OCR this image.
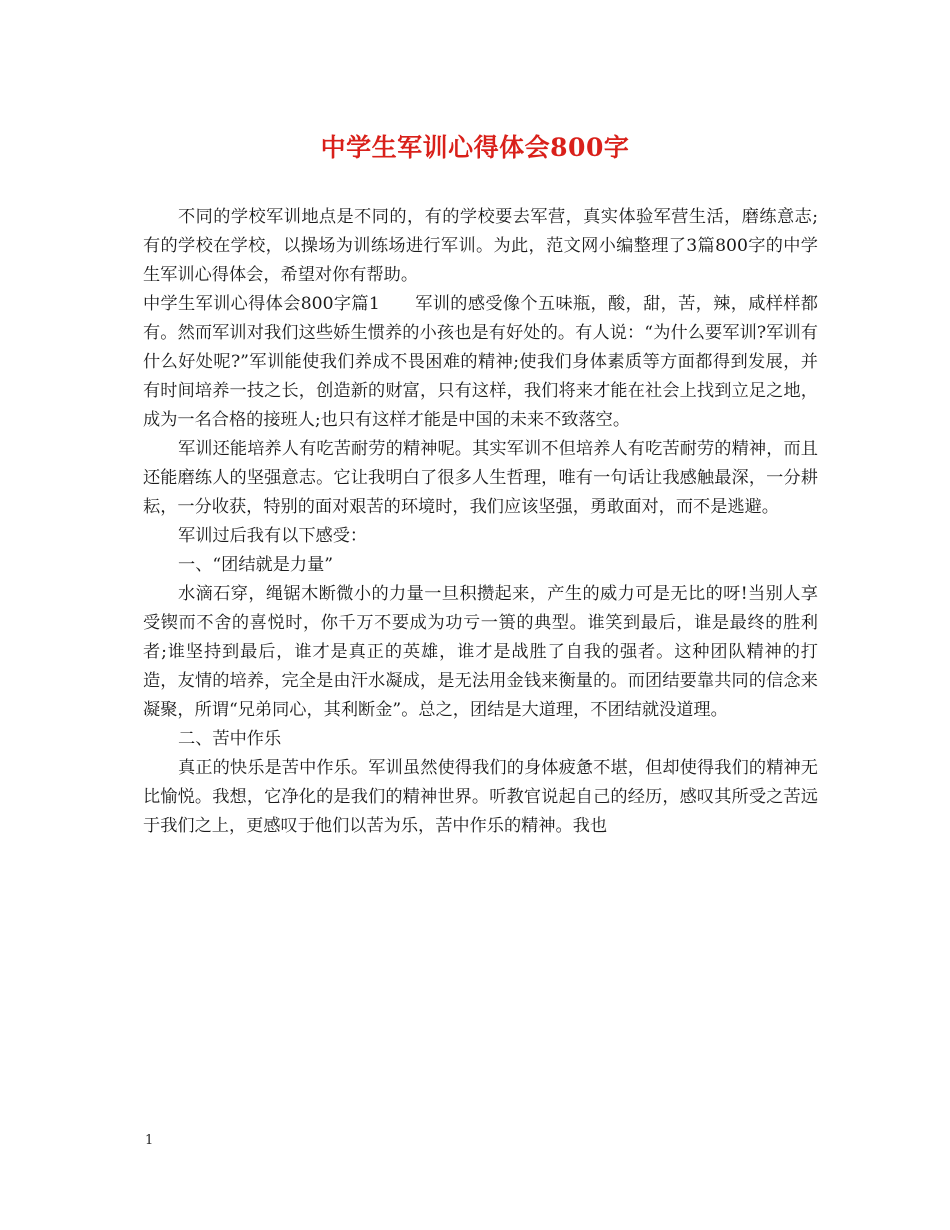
中学生军训心得体会800字

不同的学校军训地点是不同的，有的学校要去军营，真实体验军营生活，磨练意志;有的学校在学校，以操场为训练场进行军训。为此，范文网小编整理了3篇800字的中学生军训心得体会，希望对你有帮助。

中学生军训心得体会800字篇1　　军训的感受像个五味瓶，酸，甜，苦，辣，咸样样都有。然而军训对我们这些娇生惯养的小孩也是有好处的。有人说：“为什么要军训?军训有什么好处呢?”军训能使我们养成不畏困难的精神;使我们身体素质等方面都得到发展，并有时间培养一技之长，创造新的财富，只有这样，我们将来才能在社会上找到立足之地，成为一名合格的接班人;也只有这样才能是中国的未来不致落空。

军训还能培养人有吃苦耐劳的精神呢。其实军训不但培养人有吃苦耐劳的精神，而且还能磨练人的坚强意志。它让我明白了很多人生哲理，唯有一句话让我感触最深，一分耕耘，一分收获，特别的面对艰苦的环境时，我们应该坚强，勇敢面对，而不是逃避。

军训过后我有以下感受：

一、“团结就是力量”

水滴石穿，绳锯木断微小的力量一旦积攒起来，产生的威力可是无比的呀!当别人享受锲而不舍的喜悦时，你千万不要成为功亏一篑的典型。谁笑到最后，谁是最终的胜利者;谁坚持到最后，谁才是真正的英雄，谁才是战胜了自我的强者。这种团队精神的打造，友情的培养，完全是由汗水凝成，是无法用金钱来衡量的。而团结要靠共同的信念来凝聚，所谓“兄弟同心，其利断金”。总之，团结是大道理，不团结就没道理。

二、苦中作乐

真正的快乐是苦中作乐。军训虽然使得我们的身体疲惫不堪，但却使得我们的精神无比愉悦。我想，它净化的是我们的精神世界。听教官说起自己的经历，感叹其所受之苦远于我们之上，更感叹于他们以苦为乐，苦中作乐的精神。我也

1
